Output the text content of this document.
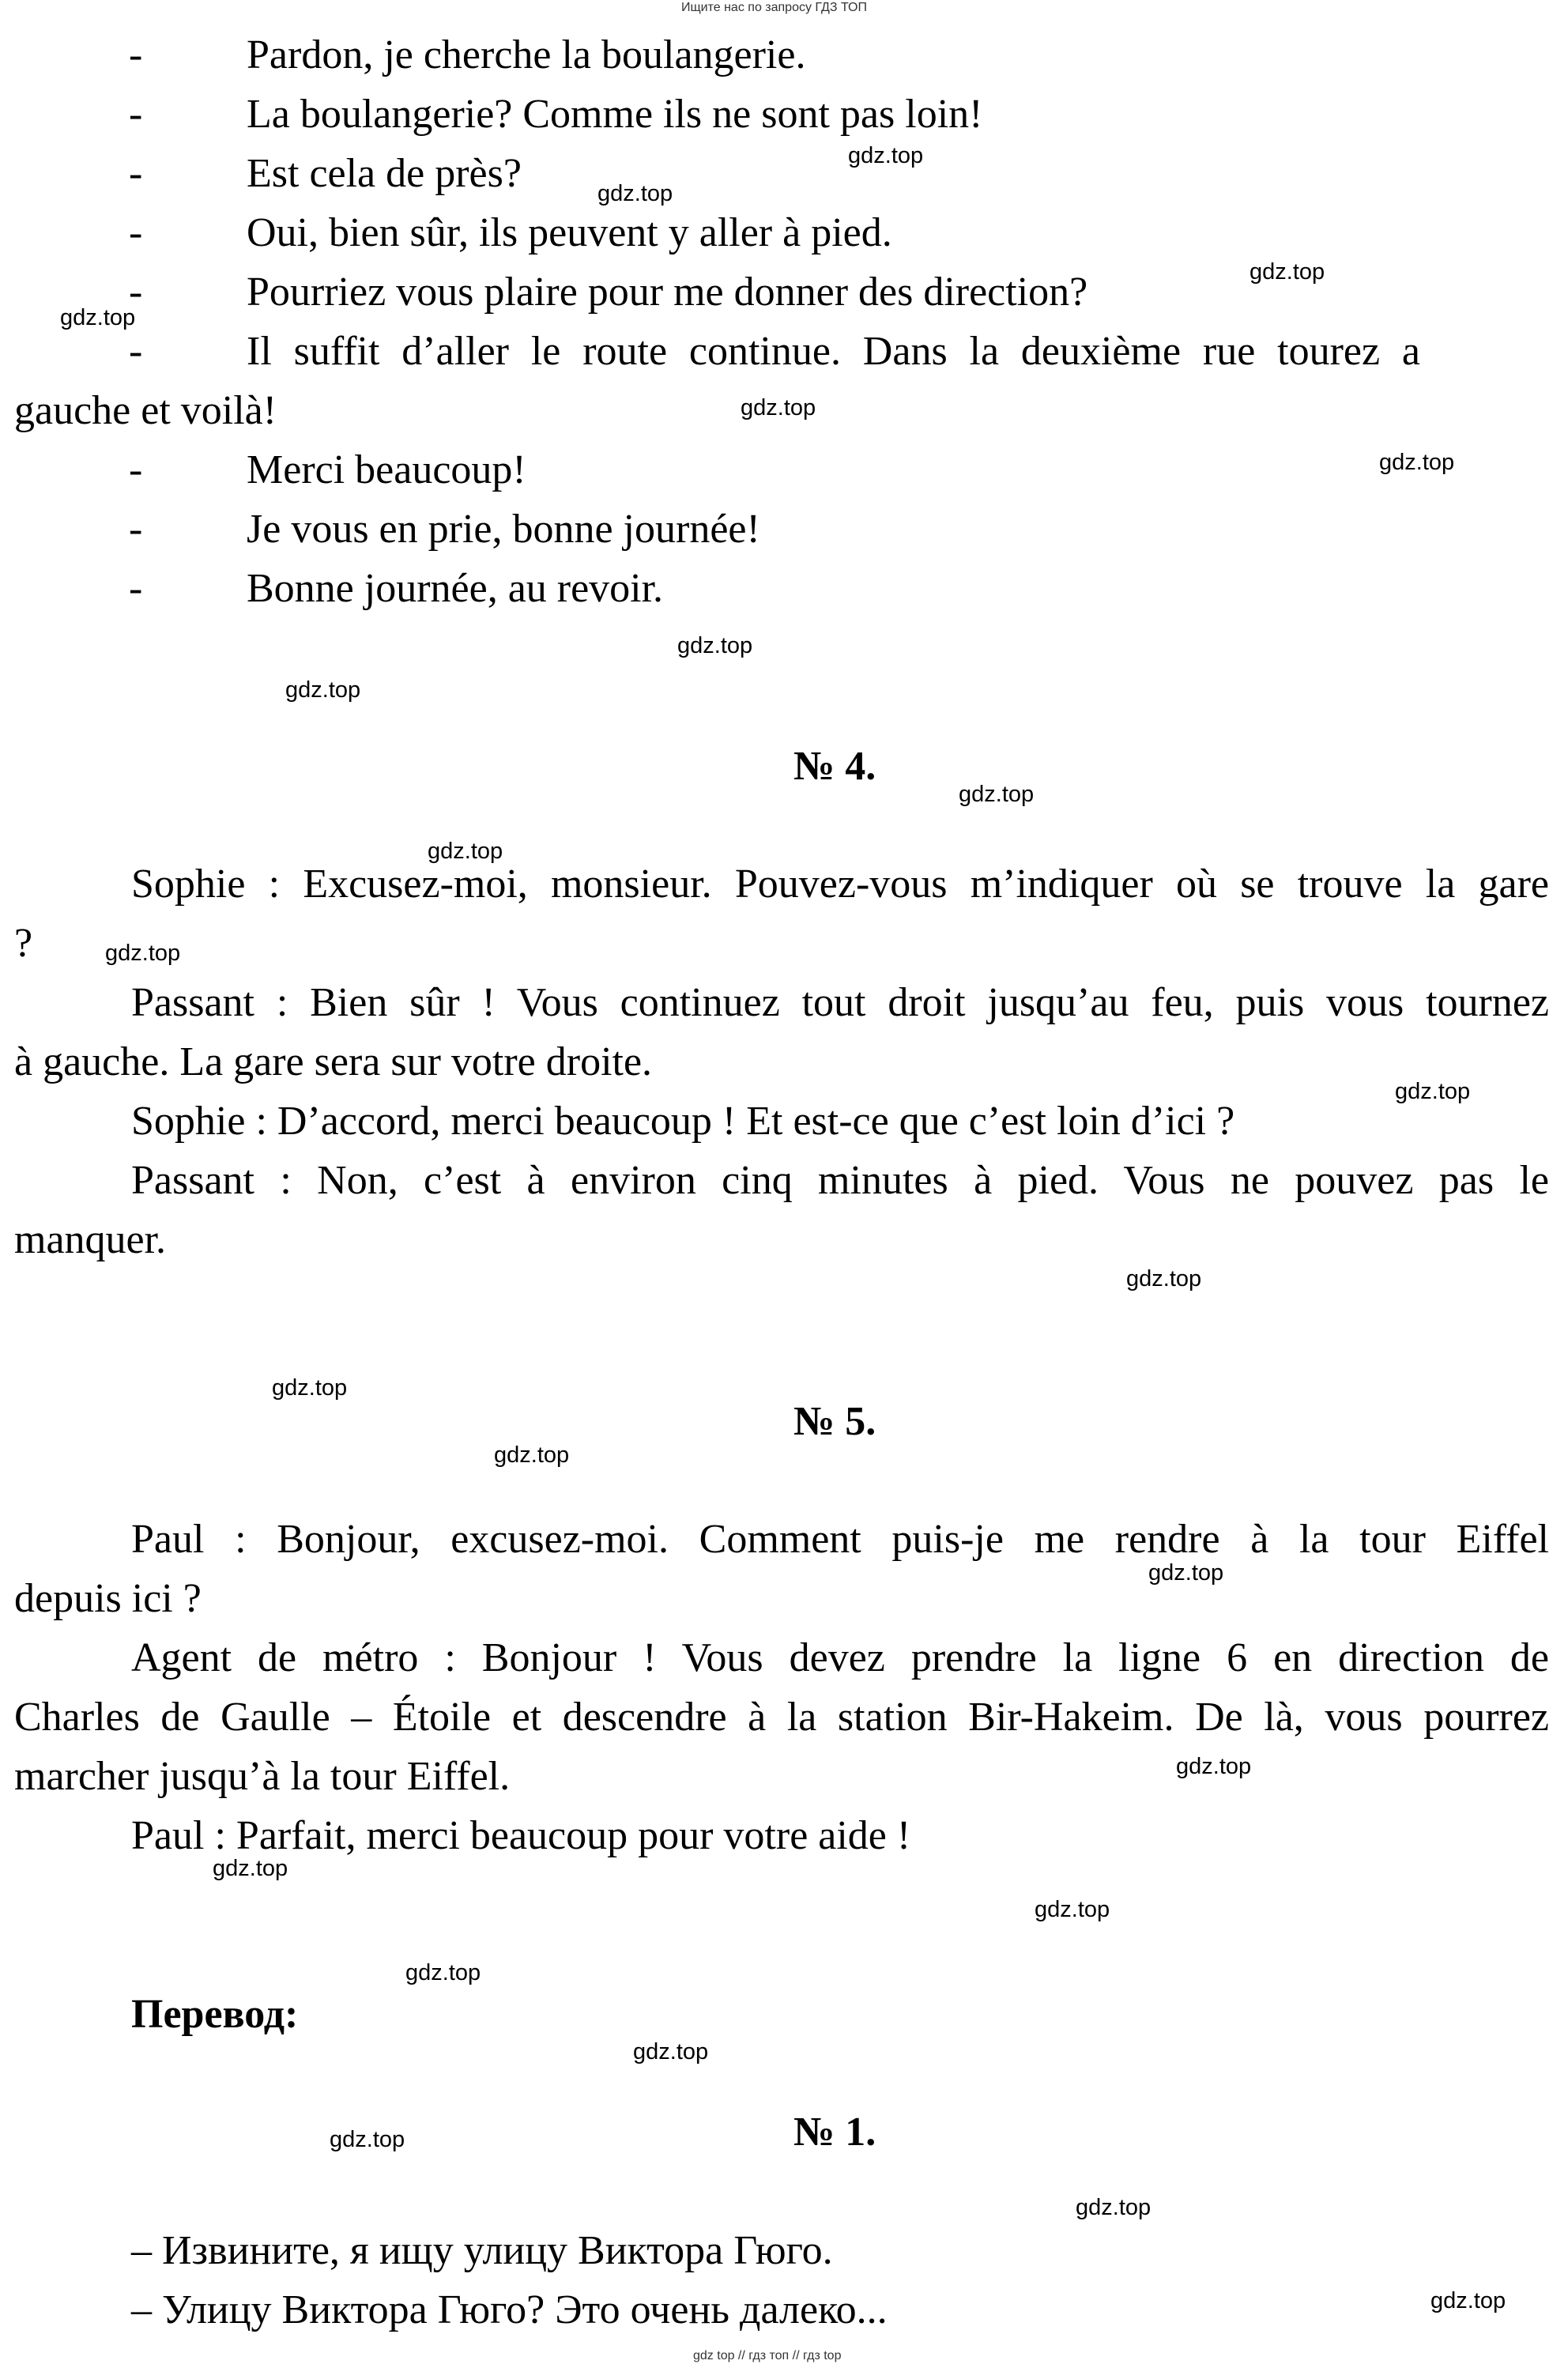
Ищите нас по запросу ГДЗ ТОП
-	Pardon, je cherche la boulangerie.
-	La boulangerie? Comme ils ne sont pas loin!
-	Est cela de près?
-	Oui, bien sûr, ils peuvent y aller à pied.
-	Pourriez vous plaire pour me donner des direction?
-	Il suffit d’aller le route continue. Dans la deuxième rue tourez a
gauche et voilà!
-	Merci beaucoup!
-	Je vous en prie, bonne journée!
-	Bonne journée, au revoir.
№ 4.
Sophie : Excusez-moi, monsieur. Pouvez-vous m’indiquer où se trouve la gare
?
Passant : Bien sûr ! Vous continuez tout droit jusqu’au feu, puis vous tournez
à gauche. La gare sera sur votre droite.
Sophie : D’accord, merci beaucoup ! Et est-ce que c’est loin d’ici ?
Passant : Non, c’est à environ cinq minutes à pied. Vous ne pouvez pas le
manquer.
№ 5.
Paul : Bonjour, excusez-moi. Comment puis-je me rendre à la tour Eiffel
depuis ici ?
Agent de métro : Bonjour ! Vous devez prendre la ligne 6 en direction de
Charles de Gaulle – Étoile et descendre à la station Bir-Hakeim. De là, vous pourrez
marcher jusqu’à la tour Eiffel.
Paul : Parfait, merci beaucoup pour votre aide !
Перевод:
№ 1.
– Извините, я ищу улицу Виктора Гюго.
– Улицу Виктора Гюго? Это очень далеко...
gdz.top
gdz.top
gdz.top
gdz.top
gdz.top
gdz.top
gdz.top
gdz.top
gdz.top
gdz.top
gdz.top
gdz.top
gdz.top
gdz.top
gdz.top
gdz.top
gdz.top
gdz.top
gdz.top
gdz.top
gdz.top
gdz.top
gdz.top
gdz.top
gdz top // гдз топ // гдз top
